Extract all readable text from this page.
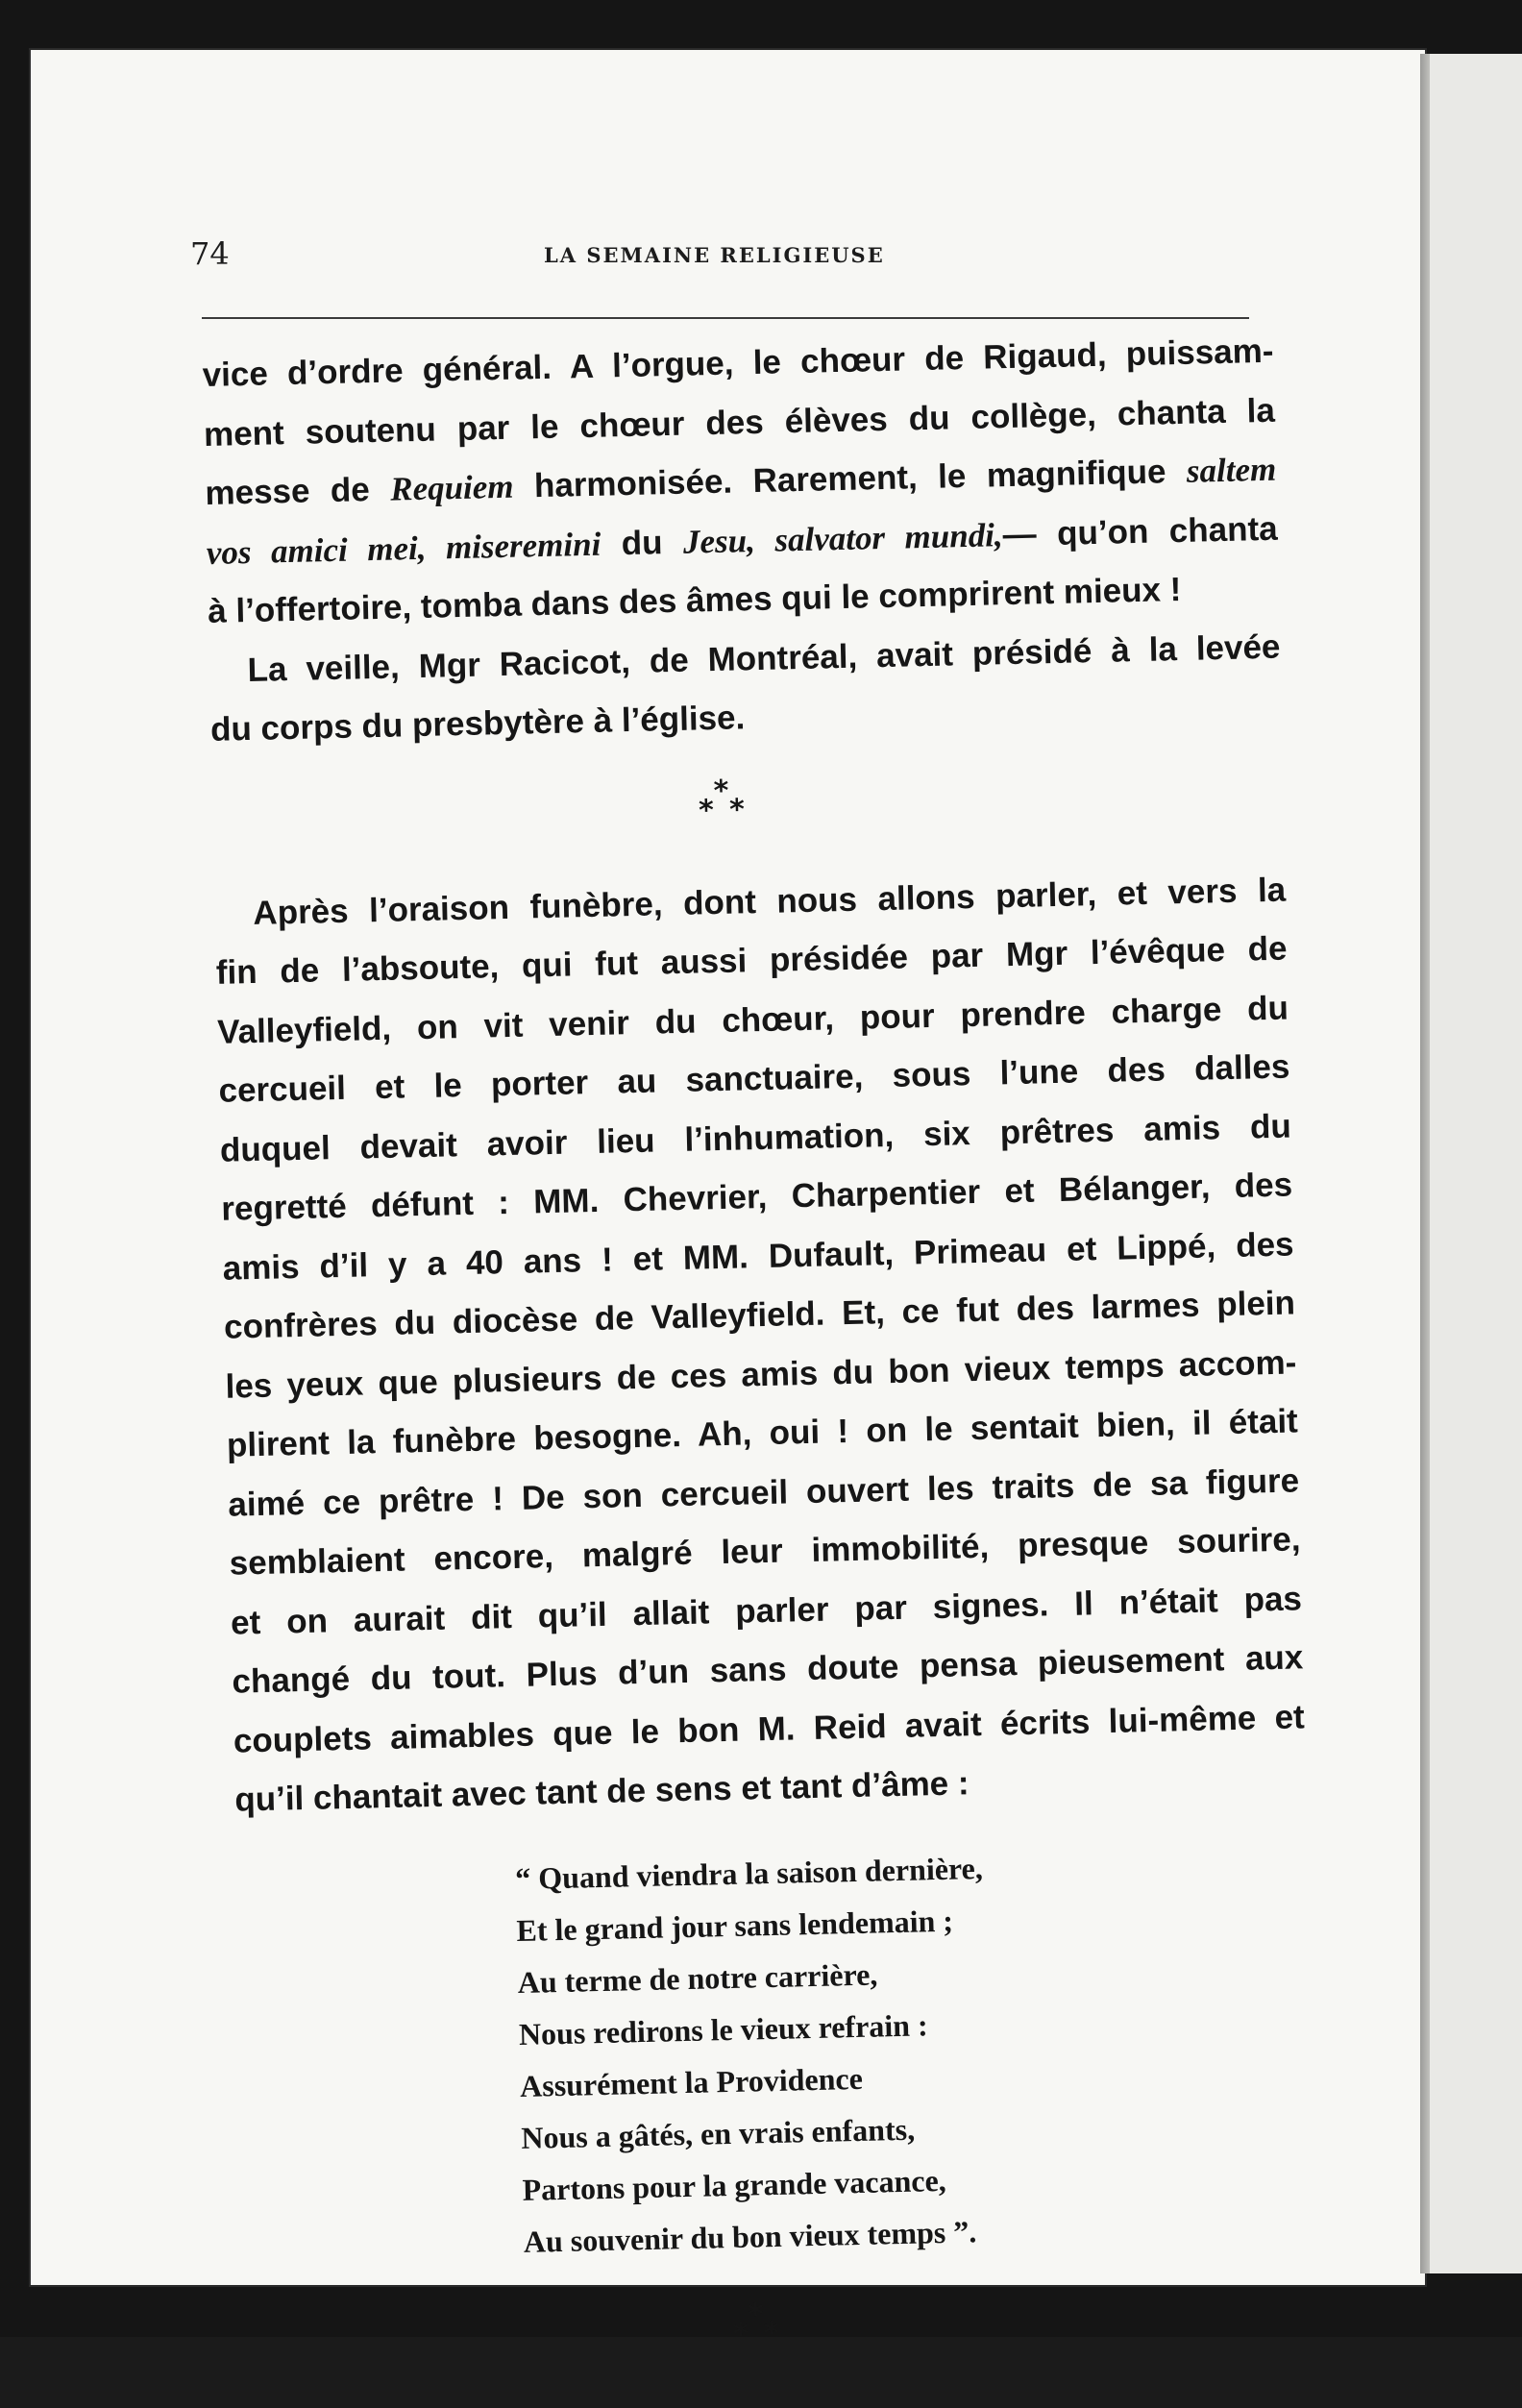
74	LA SEMAINE RELIGIEUSE

vice d’ordre général. A l’orgue, le chœur de Rigaud, puissam-
ment soutenu par le chœur des élèves du collège, chanta la
messe de Requiem harmonisée. Rarement, le magnifique saltem
vos amici mei, miseremini du Jesu, salvator mundi,— qu’on chanta
à l’offertoire, tomba dans des âmes qui le comprirent mieux !

La veille, Mgr Racicot, de Montréal, avait présidé à la levée
du corps du presbytère à l’église.

*
* *

Après l’oraison funèbre, dont nous allons parler, et vers la
fin de l’absoute, qui fut aussi présidée par Mgr l’évêque de
Valleyfield, on vit venir du chœur, pour prendre charge du
cercueil et le porter au sanctuaire, sous l’une des dalles
duquel devait avoir lieu l’inhumation, six prêtres amis du
regretté défunt : MM. Chevrier, Charpentier et Bélanger, des
amis d’il y a 40 ans ! et MM. Dufault, Primeau et Lippé, des
confrères du diocèse de Valleyfield. Et, ce fut des larmes plein
les yeux que plusieurs de ces amis du bon vieux temps accom-
plirent la funèbre besogne. Ah, oui ! on le sentait bien, il était
aimé ce prêtre ! De son cercueil ouvert les traits de sa figure
semblaient encore, malgré leur immobilité, presque sourire,
et on aurait dit qu’il allait parler par signes. Il n’était pas
changé du tout. Plus d’un sans doute pensa pieusement aux
couplets aimables que le bon M. Reid avait écrits lui-même et
qu’il chantait avec tant de sens et tant d’âme :

“ Quand viendra la saison dernière,
Et le grand jour sans lendemain ;
Au terme de notre carrière,
Nous redirons le vieux refrain :
Assurément la Providence
Nous a gâtés, en vrais enfants,
Partons pour la grande vacance,
Au souvenir du bon vieux temps ”.
*
* *
